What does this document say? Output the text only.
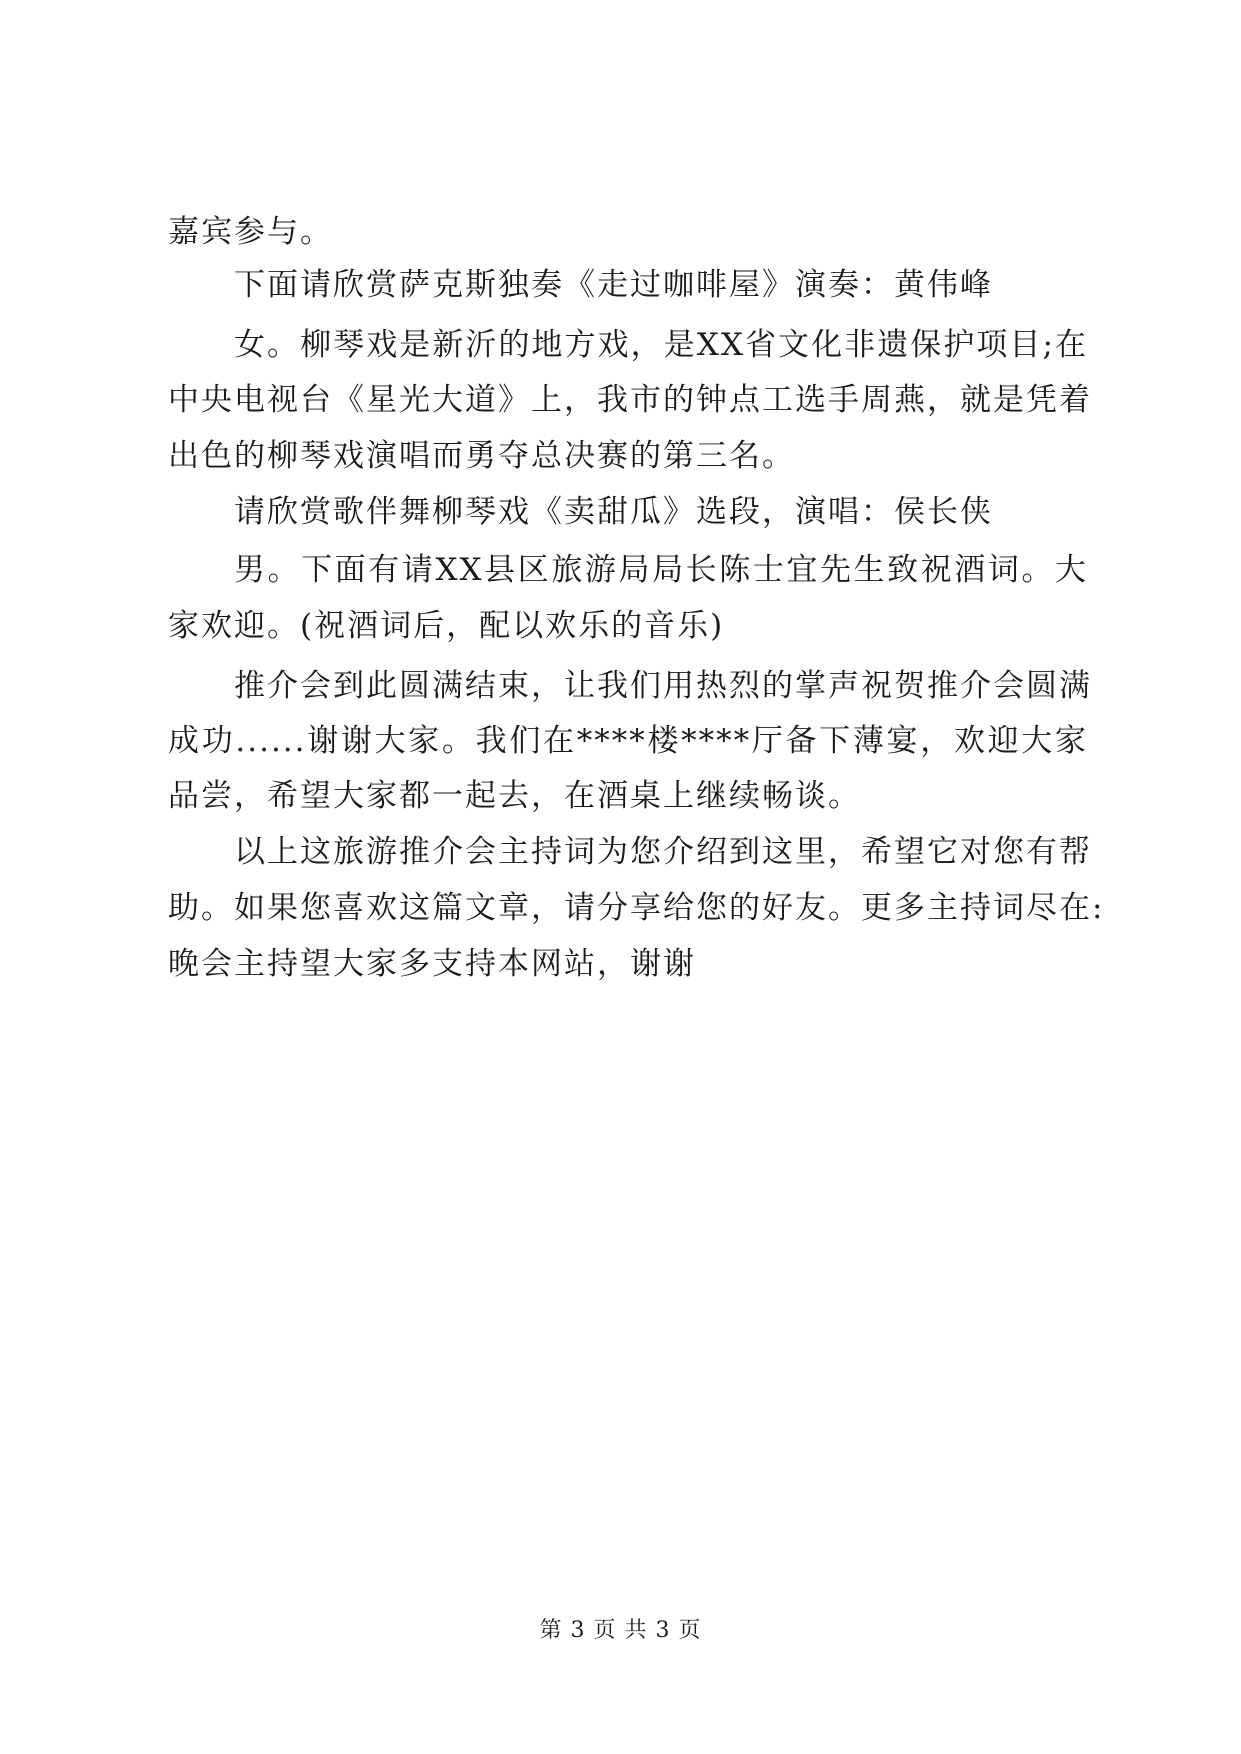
嘉宾参与。
下面请欣赏萨克斯独奏《走过咖啡屋》演奏：黄伟峰
女。柳琴戏是新沂的地方戏，是XX省文化非遗保护项目;在
中央电视台《星光大道》上，我市的钟点工选手周燕，就是凭着
出色的柳琴戏演唱而勇夺总决赛的第三名。
请欣赏歌伴舞柳琴戏《卖甜瓜》选段，演唱：侯长侠
男。下面有请XX县区旅游局局长陈士宜先生致祝酒词。大
家欢迎。(祝酒词后，配以欢乐的音乐)
推介会到此圆满结束，让我们用热烈的掌声祝贺推介会圆满
成功......谢谢大家。我们在****楼****厅备下薄宴，欢迎大家
品尝，希望大家都一起去，在酒桌上继续畅谈。
以上这旅游推介会主持词为您介绍到这里，希望它对您有帮
助。如果您喜欢这篇文章，请分享给您的好友。更多主持词尽在:
晚会主持望大家多支持本网站，谢谢
第 3 页 共 3 页
